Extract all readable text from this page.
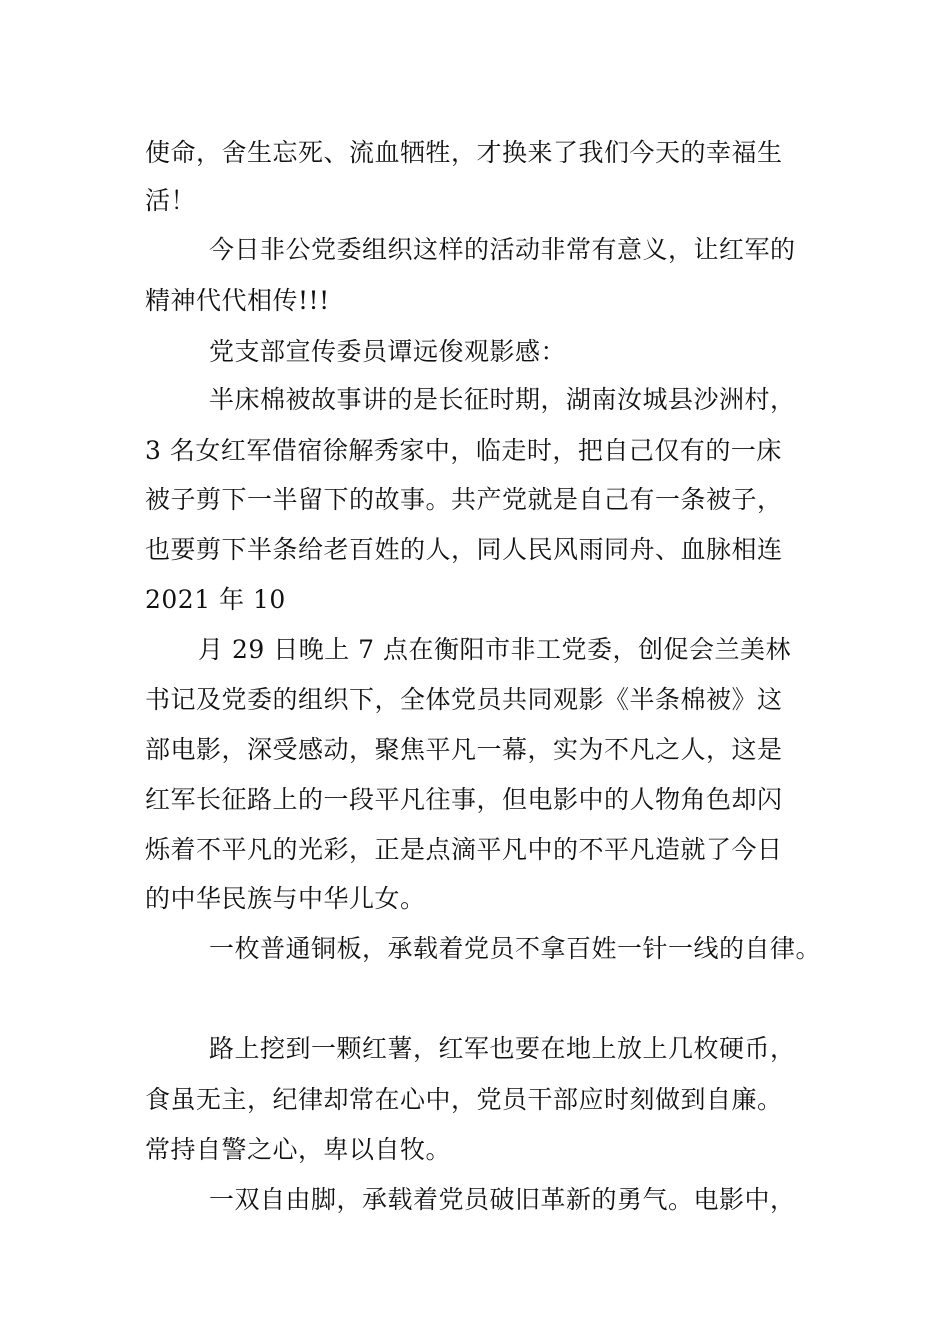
使命，舍生忘死、流血牺牲，才换来了我们今天的幸福生
活！
今日非公党委组织这样的活动非常有意义，让红军的
精神代代相传!!!
党支部宣传委员谭远俊观影感：
半床棉被故事讲的是长征时期，湖南汝城县沙洲村，
3 名女红军借宿徐解秀家中，临走时，把自己仅有的一床
被子剪下一半留下的故事。共产党就是自己有一条被子，
也要剪下半条给老百姓的人，同人民风雨同舟、血脉相连
2021 年 10
月 29 日晚上 7 点在衡阳市非工党委，创促会兰美林
书记及党委的组织下，全体党员共同观影《半条棉被》这
部电影，深受感动，聚焦平凡一幕，实为不凡之人，这是
红军长征路上的一段平凡往事，但电影中的人物角色却闪
烁着不平凡的光彩，正是点滴平凡中的不平凡造就了今日
的中华民族与中华儿女。
一枚普通铜板，承载着党员不拿百姓一针一线的自律。
路上挖到一颗红薯，红军也要在地上放上几枚硬币，
食虽无主，纪律却常在心中，党员干部应时刻做到自廉。
常持自警之心，卑以自牧。
一双自由脚，承载着党员破旧革新的勇气。电影中，
